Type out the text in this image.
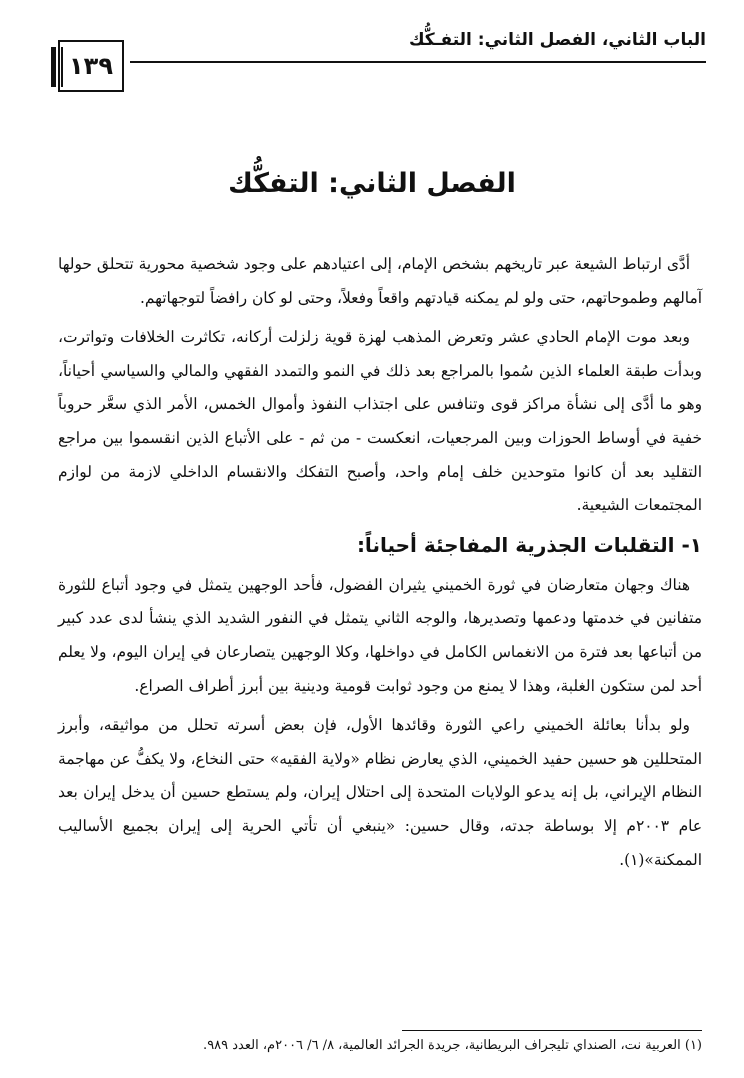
الباب الثاني، الفصل الثاني: التفـكُّك
١٣٩
الفصل الثاني: التفكُّك

أدَّى ارتباط الشيعة عبر تاريخهم بشخص الإمام، إلى اعتيادهم على وجود شخصية محورية تتحلق حولها آمالهم وطموحاتهم، حتى ولو لم يمكنه قيادتهم واقعاً وفعلاً، وحتى لو كان رافضاً لتوجهاتهم.

وبعد موت الإمام الحادي عشر وتعرض المذهب لهزة قوية زلزلت أركانه، تكاثرت الخلافات وتواترت، وبدأت طبقة العلماء الذين سُموا بالمراجع بعد ذلك في النمو والتمدد الفقهي والمالي والسياسي أحياناً، وهو ما أدَّى إلى نشأة مراكز قوى وتنافس على اجتذاب النفوذ وأموال الخمس، الأمر الذي سعَّر حروباً خفية في أوساط الحوزات وبين المرجعيات، انعكست - من ثم - على الأتباع الذين انقسموا بين مراجع التقليد بعد أن كانوا متوحدين خلف إمام واحد، وأصبح التفكك والانقسام الداخلي لازمة من لوازم المجتمعات الشيعية.

١- التقلبات الجذرية المفاجئة أحياناً:

هناك وجهان متعارضان في ثورة الخميني يثيران الفضول، فأحد الوجهين يتمثل في وجود أتباع للثورة متفانين في خدمتها ودعمها وتصديرها، والوجه الثاني يتمثل في النفور الشديد الذي ينشأ لدى عدد كبير من أتباعها بعد فترة من الانغماس الكامل في دواخلها، وكلا الوجهين يتصارعان في إيران اليوم، ولا يعلم أحد لمن ستكون الغلبة، وهذا لا يمنع من وجود ثوابت قومية ودينية بين أبرز أطراف الصراع.

ولو بدأنا بعائلة الخميني راعي الثورة وقائدها الأول، فإن بعض أسرته تحلل من مواثيقه، وأبرز المتحللين هو حسين حفيد الخميني، الذي يعارض نظام «ولاية الفقيه» حتى النخاع، ولا يكفُّ عن مهاجمة النظام الإيراني، بل إنه يدعو الولايات المتحدة إلى احتلال إيران، ولم يستطع حسين أن يدخل إيران بعد عام ٢٠٠٣م إلا بوساطة جدته، وقال حسين: «ينبغي أن تأتي الحرية إلى إيران بجميع الأساليب الممكنة»(١).

(١) العربية نت، الصنداي تليجراف البريطانية، جريدة الجرائد العالمية، ٨/ ٦/ ٢٠٠٦م، العدد ٩٨٩.
